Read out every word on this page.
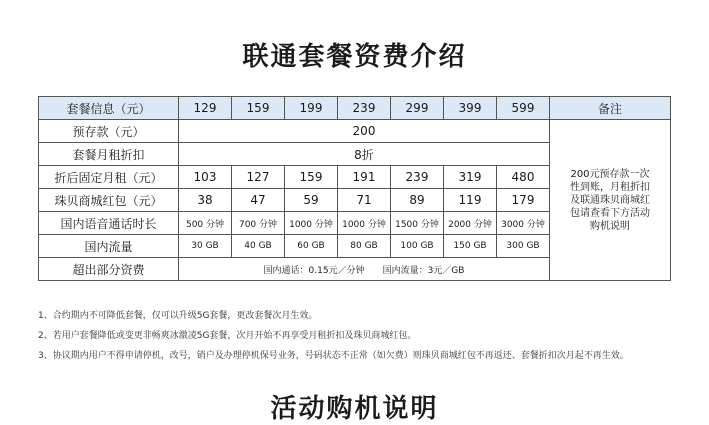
联通套餐资费介绍
套餐信息（元）	129	159	199	239	299	399	599	备注
预存款（元）	200							200元预存款一次性到账，月租折扣及联通珠贝商城红包请查看下方活动购机说明
套餐月租折扣	8折							
折后固定月租（元）	103	127	159	191	239	319	480	
珠贝商城红包（元）	38	47	59	71	89	119	179	
国内语音通话时长	500 分钟	700 分钟	1000 分钟	1000 分钟	1500 分钟	2000 分钟	3000 分钟	
国内流量	30 GB	40 GB	60 GB	80 GB	100 GB	150 GB	300 GB	
超出部分资费	国内通话：0.15元／分钟　　国内流量：3元／GB							
1、合约期内不可降低套餐，仅可以升级5G套餐，更改套餐次月生效。
2、若用户套餐降低或变更非畅爽冰激凌5G套餐，次月开始不再享受月租折扣及珠贝商城红包。
3、协议期内用户不得申请停机，改号，销户及办理停机保号业务，号码状态不正常（如欠费）则珠贝商城红包不再返还、套餐折扣次月起不再生效。
活动购机说明
